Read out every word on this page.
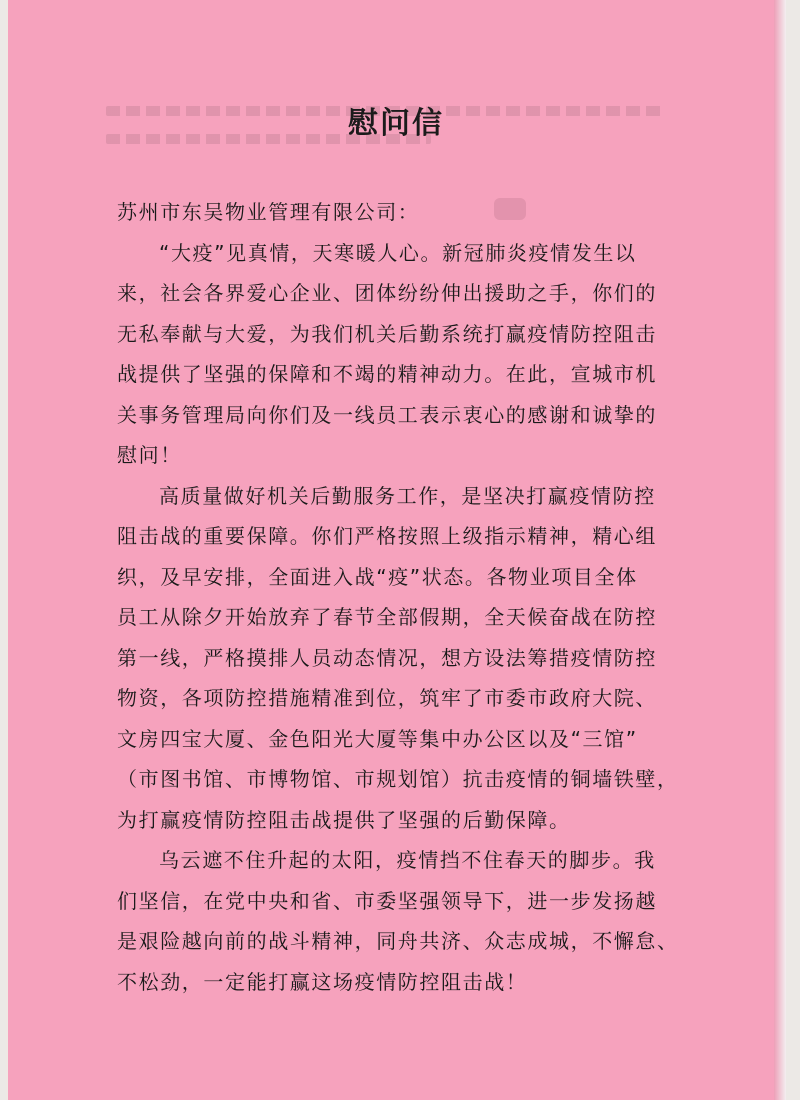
慰问信
苏州市东吴物业管理有限公司：
“大疫”见真情，天寒暖人心。新冠肺炎疫情发生以
来，社会各界爱心企业、团体纷纷伸出援助之手，你们的
无私奉献与大爱，为我们机关后勤系统打赢疫情防控阻击
战提供了坚强的保障和不竭的精神动力。在此，宣城市机
关事务管理局向你们及一线员工表示衷心的感谢和诚挚的
慰问！
高质量做好机关后勤服务工作，是坚决打赢疫情防控
阻击战的重要保障。你们严格按照上级指示精神，精心组
织，及早安排，全面进入战“疫”状态。各物业项目全体
员工从除夕开始放弃了春节全部假期，全天候奋战在防控
第一线，严格摸排人员动态情况，想方设法筹措疫情防控
物资，各项防控措施精准到位，筑牢了市委市政府大院、
文房四宝大厦、金色阳光大厦等集中办公区以及“三馆”
（市图书馆、市博物馆、市规划馆）抗击疫情的铜墙铁壁，
为打赢疫情防控阻击战提供了坚强的后勤保障。
乌云遮不住升起的太阳，疫情挡不住春天的脚步。我
们坚信，在党中央和省、市委坚强领导下，进一步发扬越
是艰险越向前的战斗精神，同舟共济、众志成城，不懈怠、
不松劲，一定能打赢这场疫情防控阻击战！
